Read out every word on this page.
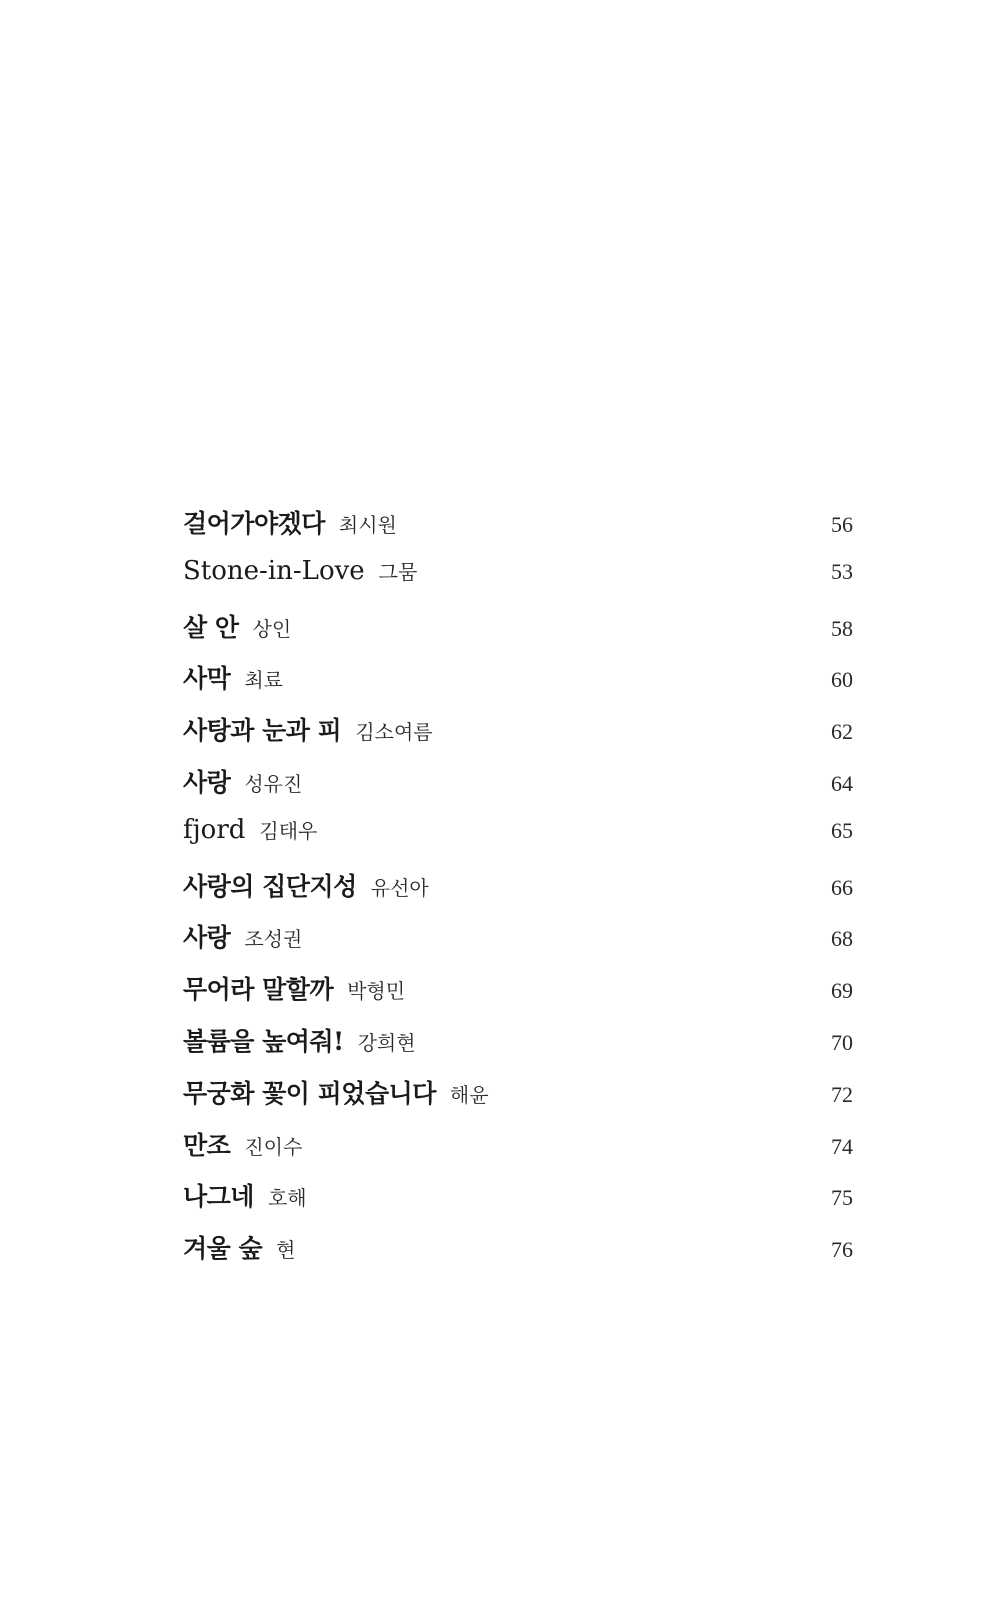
걸어가야겠다 최시원	56
Stone-in-Love 그뭄	53
살 안 상인	58
사막 최료	60
사탕과 눈과 피 김소여름	62
사랑 성유진	64
fjord 김태우	65
사랑의 집단지성 유선아	66
사랑 조성권	68
무어라 말할까 박형민	69
볼륨을 높여줘! 강희현	70
무궁화 꽃이 피었습니다 해윤	72
만조 진이수	74
나그네 호해	75
겨울 숲 현	76
